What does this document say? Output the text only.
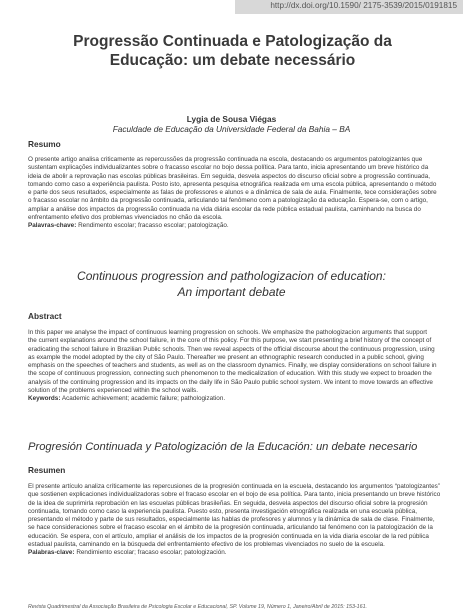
http://dx.doi.org/10.1590/ 2175-3539/2015/0191815
Progressão Continuada e Patologização da
Educação: um debate necessário
Lygia de Sousa Viégas
Faculdade de Educação da Universidade Federal da Bahia – BA
Resumo
O presente artigo analisa criticamente as repercussões da progressão continuada na escola, destacando os argumentos patologizantes que
sustentam explicações individualizantes sobre o fracasso escolar no bojo dessa política. Para tanto, inicia apresentando um breve histórico da
ideia de abolir a reprovação nas escolas públicas brasileiras. Em seguida, desvela aspectos do discurso oficial sobre a progressão continuada,
tomando como caso a experiência paulista. Posto isto, apresenta pesquisa etnográfica realizada em uma escola pública, apresentando o método
e parte dos seus resultados, especialmente as falas de professores e alunos e a dinâmica de sala de aula. Finalmente, tece considerações sobre
o fracasso escolar no âmbito da progressão continuada, articulando tal fenômeno com a patologização da educação. Espera-se, com o artigo,
ampliar a análise dos impactos da progressão continuada na vida diária escolar da rede pública estadual paulista, caminhando na busca do
enfrentamento efetivo dos problemas vivenciados no chão da escola.
Palavras-chave: Rendimento escolar; fracasso escolar; patologização.
Continuous progression and pathologizacion of education:
An important debate
Abstract
In this paper we analyse the impact of continuous learning progression on schools. We emphasize the pathologizacion arguments that support
the current explanations around the school failure, in the core of this policy. For this purpose, we start presenting a brief history of the concept of
eradicating the school failure in Brazilian Public schools. Then we reveal aspects of the official discourse about the continuous progression, using
as example the model adopted by the city of São Paulo. Thereafter we present an ethnographic research conducted in a public school, giving
emphasis on the speeches of teachers and students, as well as on the classroom dynamics. Finally, we display considerations on school failure in
the scope of continuous progression, connecting such phenomenon to the medicalization of education. With this study we expect to broaden the
analysis of the continuing progression and its impacts on the daily life in São Paulo public school system. We intent to move towards an effective
solution of the problems experienced within the school walls.
Keywords: Academic achievement; academic failure; pathologization.
Progresión Continuada y Patologización de la Educación: un debate necesario
Resumen
El presente artículo analiza críticamente las repercusiones de la progresión continuada en la escuela, destacando los argumentos “patologizantes”
que sostienen explicaciones individualizadoras sobre el fracaso escolar en el bojo de esa política. Para tanto, inicia presentando un breve histórico
de la idea de suprimirla reprobación en las escuelas públicas brasileñas. En seguida, desvela aspectos del discurso oficial sobre la progresión
continuada, tomando como caso la experiencia paulista. Puesto esto, presenta investigación etnográfica realizada en una escuela pública,
presentando el método y parte de sus resultados, especialmente las hablas de profesores y alumnos y la dinámica de sala de clase. Finalmente,
se hace consideraciones sobre el fracaso escolar en el ámbito de la progresión continuada, articulando tal fenómeno con la patologización de la
educación. Se espera, con el artículo, ampliar el análisis de los impactos de la progresión continuada en la vida diaria escolar de la red pública
estadual paulista, caminando en la búsqueda del enfrentamiento efectivo de los problemas vivenciados no suelo de la escuela.
Palabras-clave: Rendimiento escolar; fracaso escolar; patologización.
Revista Quadrimestral da Associação Brasileira de Psicologia Escolar e Educacional, SP. Volume 19, Número 1, Janeiro/Abril de 2015: 153-161.
